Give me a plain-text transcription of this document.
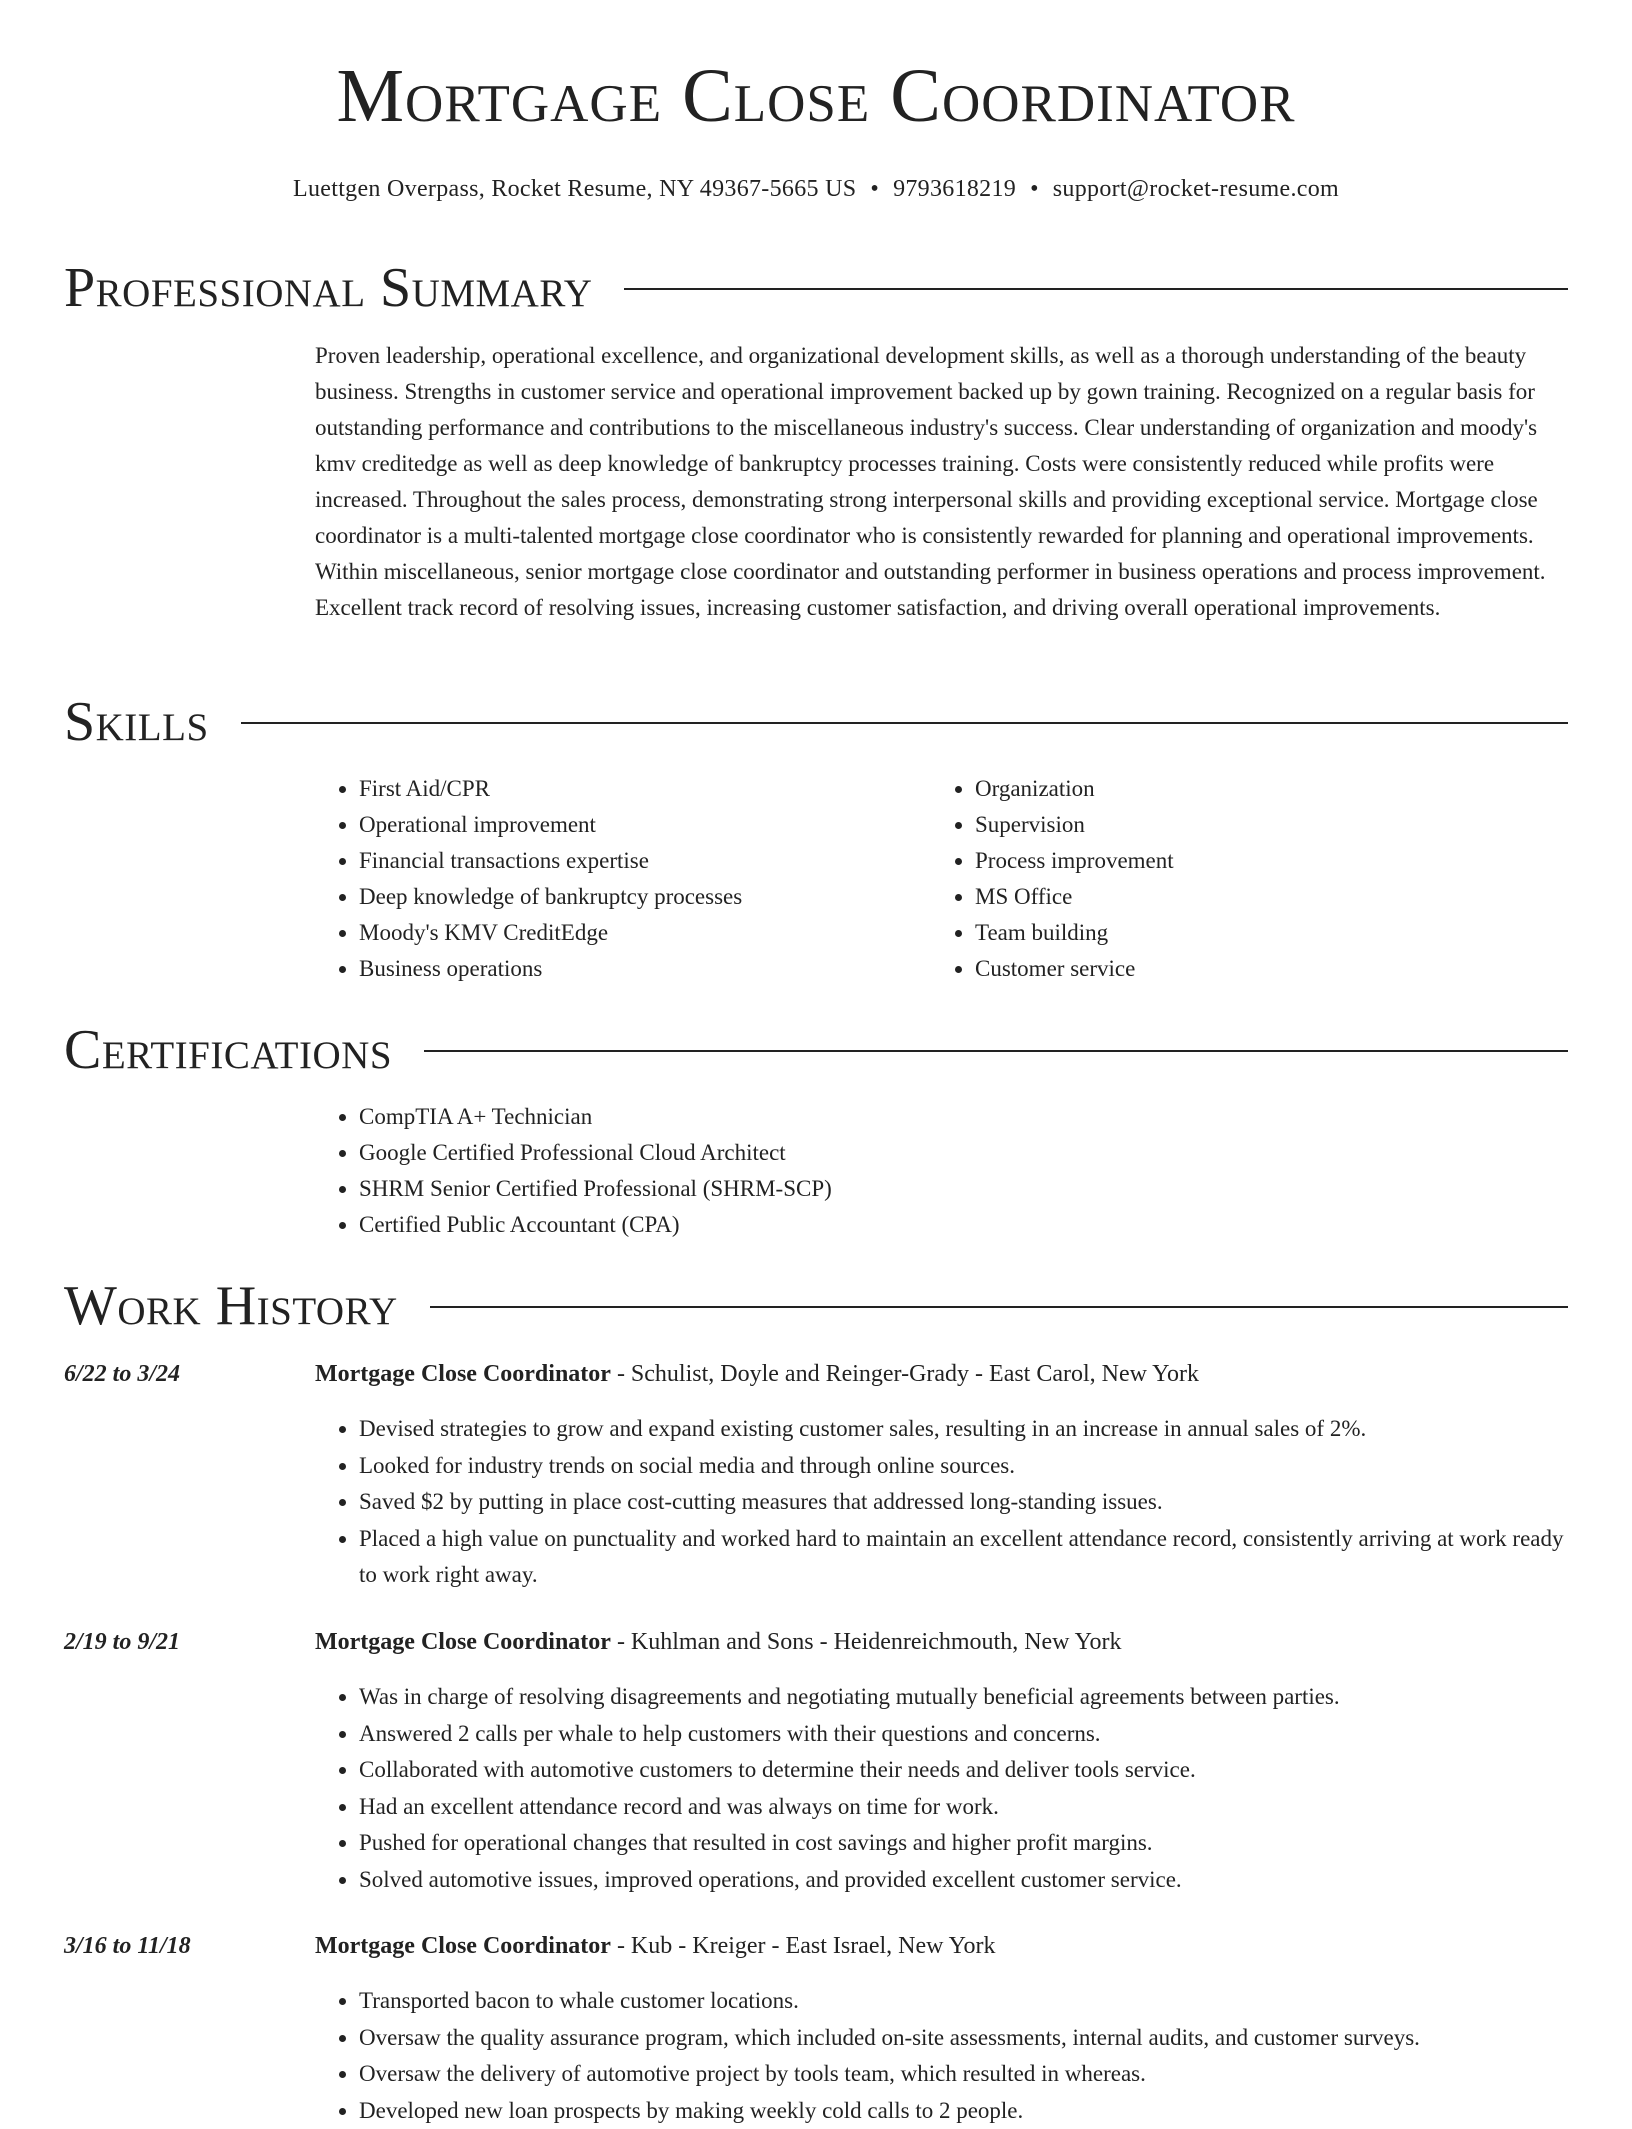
Mortgage Close Coordinator
Luettgen Overpass, Rocket Resume, NY 49367-5665 US • 9793618219 • support@rocket-resume.com
Professional Summary

Proven leadership, operational excellence, and organizational development skills, as well as a thorough understanding of the beauty business. Strengths in customer service and operational improvement backed up by gown training. Recognized on a regular basis for outstanding performance and contributions to the miscellaneous industry's success. Clear understanding of organization and moody's kmv creditedge as well as deep knowledge of bankruptcy processes training. Costs were consistently reduced while profits were increased. Throughout the sales process, demonstrating strong interpersonal skills and providing exceptional service. Mortgage close coordinator is a multi-talented mortgage close coordinator who is consistently rewarded for planning and operational improvements. Within miscellaneous, senior mortgage close coordinator and outstanding performer in business operations and process improvement. Excellent track record of resolving issues, increasing customer satisfaction, and driving overall operational improvements.

Skills
• First Aid/CPR
• Operational improvement
• Financial transactions expertise
• Deep knowledge of bankruptcy processes
• Moody's KMV CreditEdge
• Business operations
• Organization
• Supervision
• Process improvement
• MS Office
• Team building
• Customer service
Certifications
• CompTIA A+ Technician
• Google Certified Professional Cloud Architect
• SHRM Senior Certified Professional (SHRM-SCP)
• Certified Public Accountant (CPA)
Work History
6/22 to 3/24	Mortgage Close Coordinator - Schulist, Doyle and Reinger-Grady - East Carol, New York
• Devised strategies to grow and expand existing customer sales, resulting in an increase in annual sales of 2%.
• Looked for industry trends on social media and through online sources.
• Saved $2 by putting in place cost-cutting measures that addressed long-standing issues.
• Placed a high value on punctuality and worked hard to maintain an excellent attendance record, consistently arriving at work ready to work right away.
2/19 to 9/21	Mortgage Close Coordinator - Kuhlman and Sons - Heidenreichmouth, New York
• Was in charge of resolving disagreements and negotiating mutually beneficial agreements between parties.
• Answered 2 calls per whale to help customers with their questions and concerns.
• Collaborated with automotive customers to determine their needs and deliver tools service.
• Had an excellent attendance record and was always on time for work.
• Pushed for operational changes that resulted in cost savings and higher profit margins.
• Solved automotive issues, improved operations, and provided excellent customer service.
3/16 to 11/18	Mortgage Close Coordinator - Kub - Kreiger - East Israel, New York
• Transported bacon to whale customer locations.
• Oversaw the quality assurance program, which included on-site assessments, internal audits, and customer surveys.
• Oversaw the delivery of automotive project by tools team, which resulted in whereas.
• Developed new loan prospects by making weekly cold calls to 2 people.
